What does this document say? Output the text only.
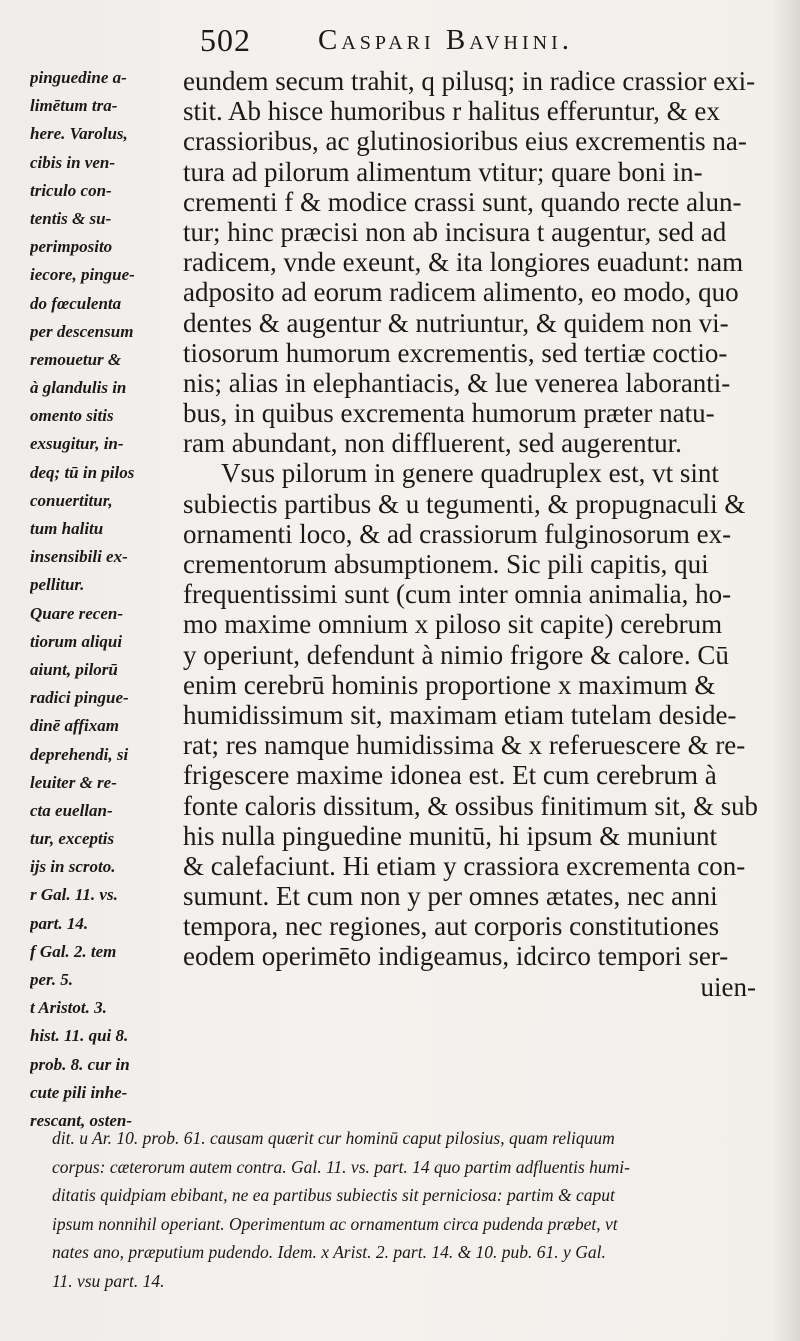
502 Caspari Bavhini.
pinguedine a-
limētum tra-
here. Varolus,
cibis in ven-
triculo con-
tentis & su-
perimposito
iecore, pingue-
do fœculenta
per descensum
remouetur &
à glandulis in
omento sitis
exsugitur, in-
deq; tū in pilos
conuertitur,
tum halitu
insensibili ex-
pellitur.
Quare recen-
tiorum aliqui
aiunt, pilorū
radici pingue-
dinē affixam
deprehendi, si
leuiter & re-
cta euellan-
tur, exceptis
ijs in scroto.
r Gal. 11. vs.
part. 14.
f Gal. 2. tem
per. 5.
t Aristot. 3.
hist. 11. qui 8.
prob. 8. cur in
cute pili inhe-
rescant, osten-
eundem secum trahit, q pilusq; in radice crassior exi-
stit. Ab hisce humoribus r halitus efferuntur, & ex
crassioribus, ac glutinosioribus eius excrementis na-
tura ad pilorum alimentum vtitur; quare boni in-
crementi f & modice crassi sunt, quando recte alun-
tur; hinc præcisi non ab incisura t augentur, sed ad
radicem, vnde exeunt, & ita longiores euadunt: nam
adposito ad eorum radicem alimento, eo modo, quo
dentes & augentur & nutriuntur, & quidem non vi-
tiosorum humorum excrementis, sed tertiæ coctio-
nis; alias in elephantiacis, & lue venerea laboranti-
bus, in quibus excrementa humorum præter natu-
ram abundant, non diffluerent, sed augerentur.
Vsus pilorum in genere quadruplex est, vt sint
subiectis partibus & u tegumenti, & propugnaculi &
ornamenti loco, & ad crassiorum fulginosorum ex-
crementorum absumptionem. Sic pili capitis, qui
frequentissimi sunt (cum inter omnia animalia, ho-
mo maxime omnium x piloso sit capite) cerebrum
y operiunt, defendunt à nimio frigore & calore. Cū
enim cerebrū hominis proportione x maximum &
humidissimum sit, maximam etiam tutelam deside-
rat; res namque humidissima & x referuescere & re-
frigescere maxime idonea est. Et cum cerebrum à
fonte caloris dissitum, & ossibus finitimum sit, & sub
his nulla pinguedine munitū, hi ipsum & muniunt
& calefaciunt. Hi etiam y crassiora excrementa con-
sumunt. Et cum non y per omnes ætates, nec anni
tempora, nec regiones, aut corporis constitutiones
eodem operimēto indigeamus, idcirco tempori ser-
uien-
dit. u Ar. 10. prob. 61. causam quærit cur hominū caput pilosius, quam reliquum
corpus: cæterorum autem contra. Gal. 11. vs. part. 14 quo partim adfluentis humi-
ditatis quidpiam ebibant, ne ea partibus subiectis sit perniciosa: partim & caput
ipsum nonnihil operiant. Operimentum ac ornamentum circa pudenda præbet, vt
nates ano, præputium pudendo. Idem. x Arist. 2. part. 14. & 10. pub. 61. y Gal.
11. vsu part. 14.
